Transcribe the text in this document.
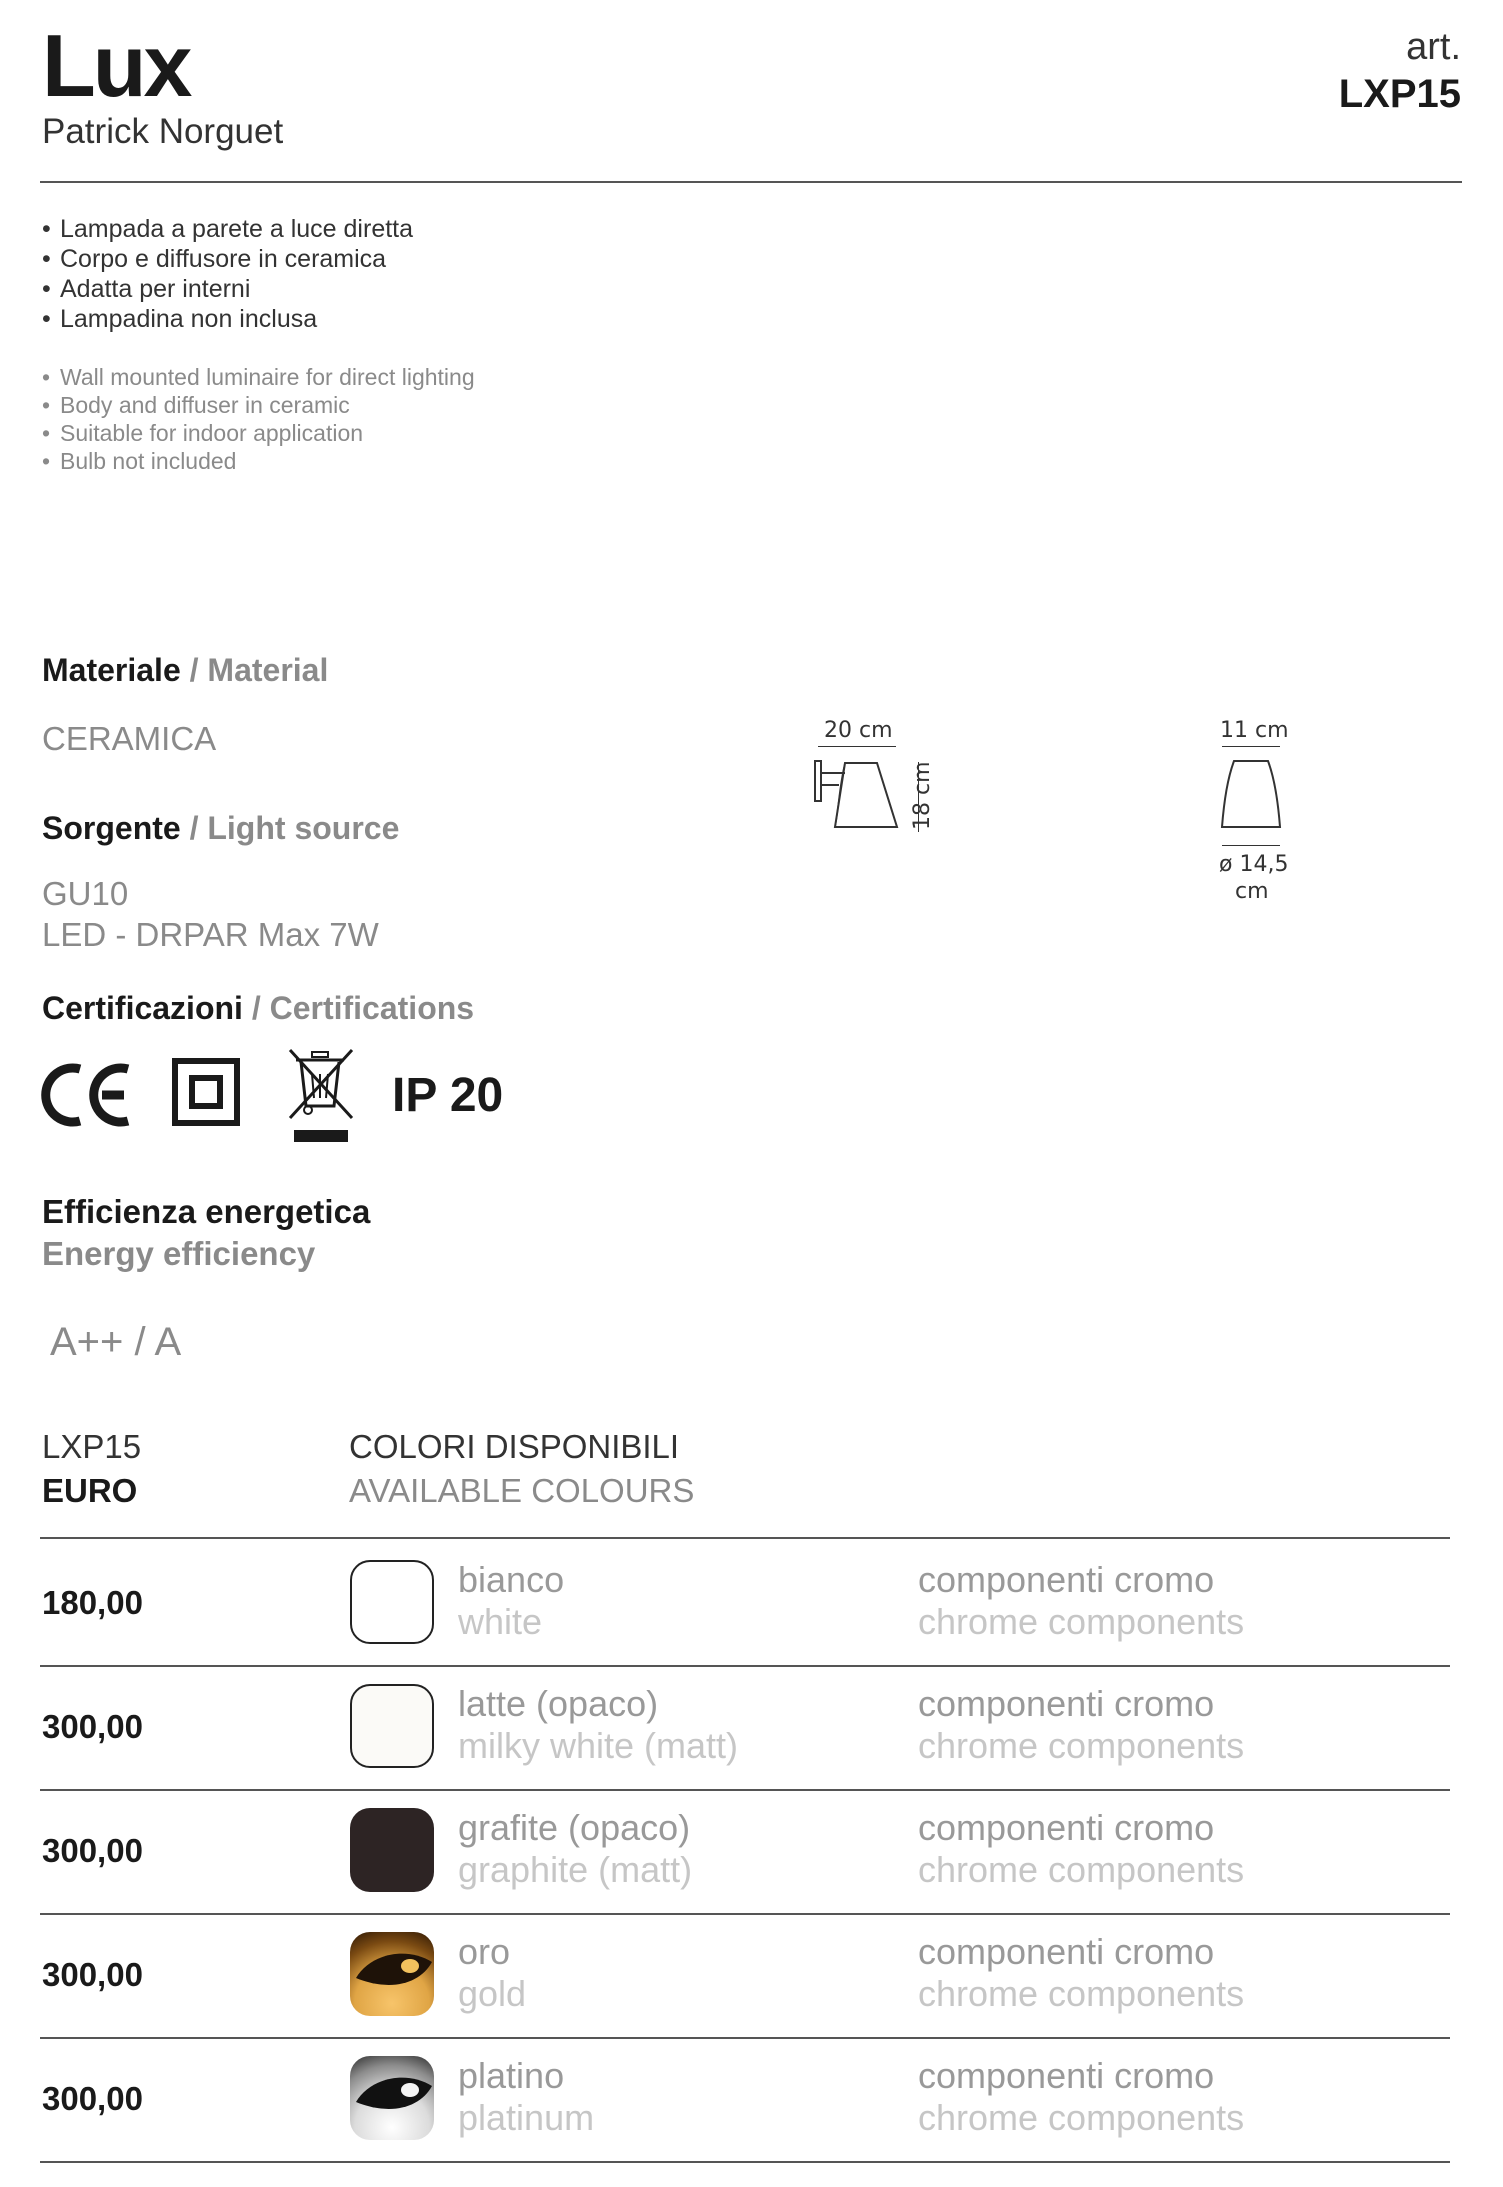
Lux
Patrick Norguet
art.
LXP15
• Lampada a parete a luce diretta
• Corpo e diffusore in ceramica
• Adatta per interni
• Lampadina non inclusa
• Wall mounted luminaire for direct lighting
• Body and diffuser in ceramic
• Suitable for indoor application
• Bulb not included
Materiale / Material
CERAMICA
Sorgente / Light source
GU10
LED - DRPAR Max 7W
Certificazioni / Certifications
IP 20
20 cm
18 cm
11 cm
ø 14,5
cm
Efficienza energetica
Energy efficiency
A++ / A
LXP15
EURO
COLORI DISPONIBILI
AVAILABLE COLOURS
180,00
bianco
white
componenti cromo
chrome components
300,00
latte (opaco)
milky white (matt)
componenti cromo
chrome components
300,00
grafite (opaco)
graphite (matt)
componenti cromo
chrome components
300,00
oro
gold
componenti cromo
chrome components
300,00
platino
platinum
componenti cromo
chrome components
